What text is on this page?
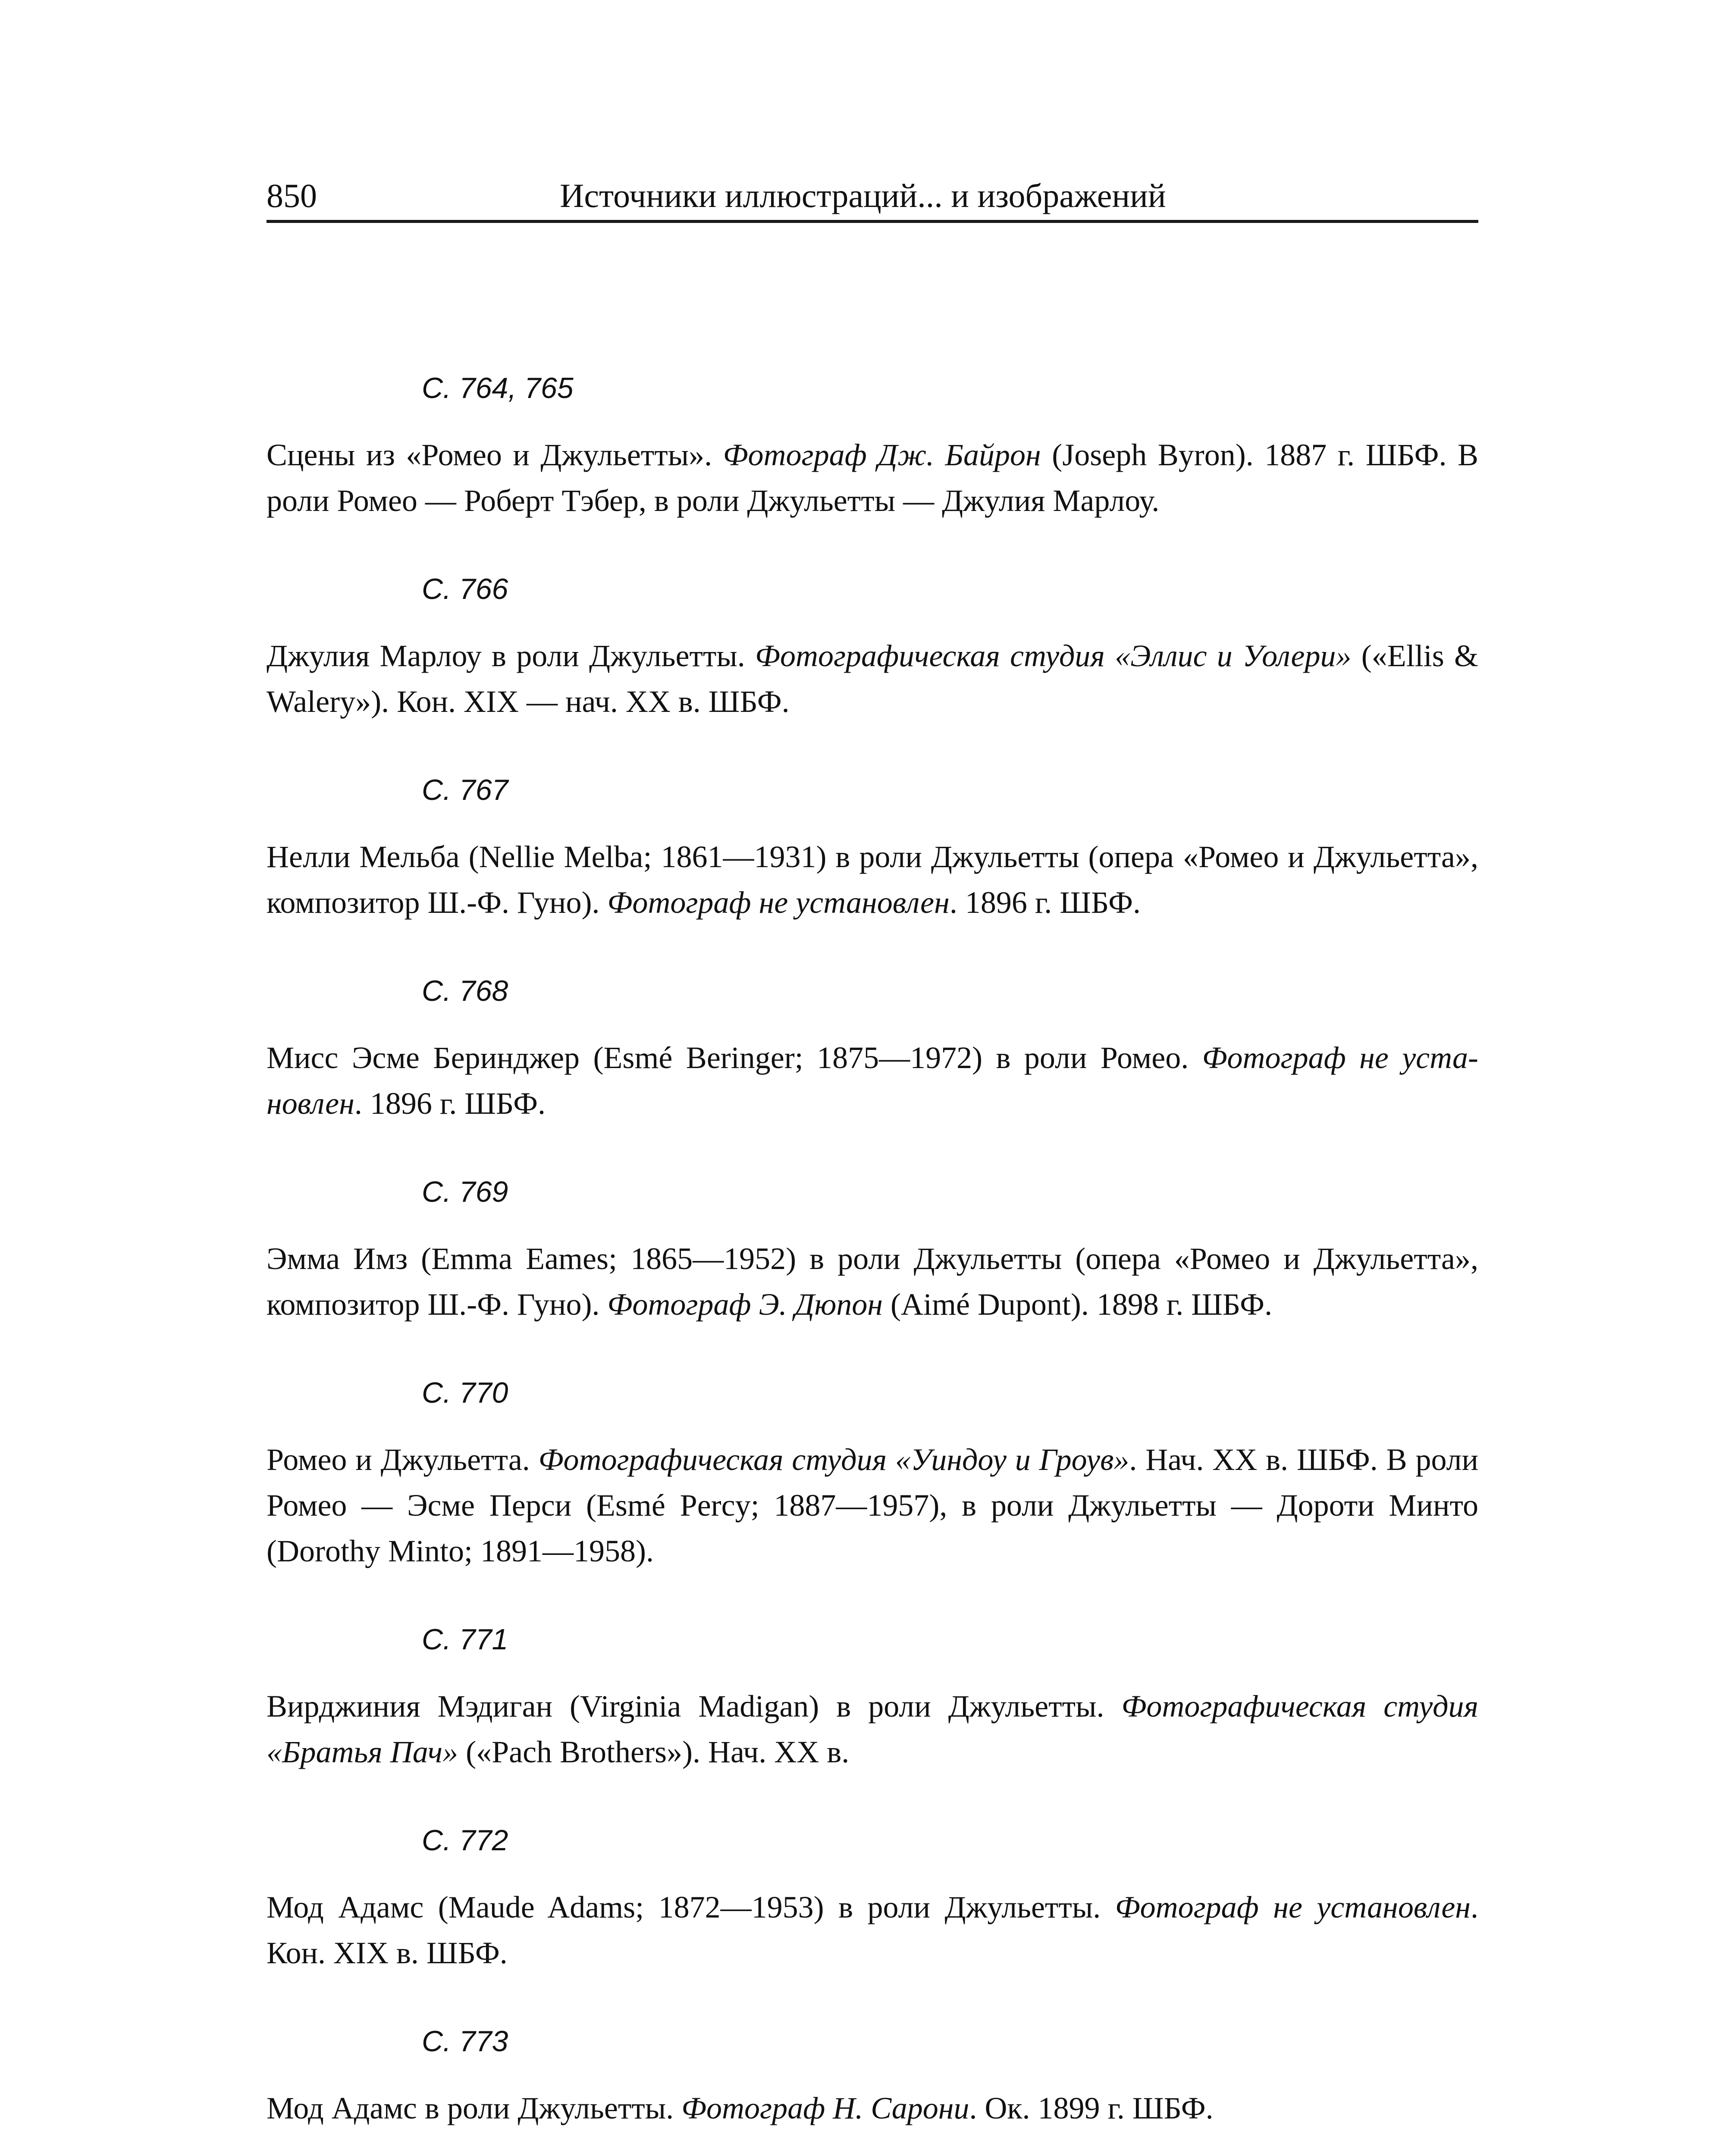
850	Источники иллюстраций... и изображений
С. 764, 765

Сцены из «Ромео и Джульетты». Фотограф Дж. Байрон (Joseph Byron). 1887 г. ШБФ. В роли Ромео — Роберт Тэбер, в роли Джульетты — Джулия Марлоу.

С. 766

Джулия Марлоу в роли Джульетты. Фотографическая студия «Эллис и Уолери» («Ellis & Walery»). Кон. XIX — нач. XX в. ШБФ.

С. 767

Нелли Мельба (Nellie Melba; 1861—1931) в роли Джульетты (опера «Ромео и Джульетта», композитор Ш.-Ф. Гуно). Фотограф не установлен. 1896 г. ШБФ.

С. 768

Мисс Эсме Беринджер (Esmé Beringer; 1875—1972) в роли Ромео. Фотограф не установлен. 1896 г. ШБФ.

С. 769

Эмма Имз (Emma Eames; 1865—1952) в роли Джульетты (опера «Ромео и Джульетта», композитор Ш.-Ф. Гуно). Фотограф Э. Дюпон (Aimé Dupont). 1898 г. ШБФ.

С. 770

Ромео и Джульетта. Фотографическая студия «Уиндоу и Гроув». Нач. XX в. ШБФ. В роли Ромео — Эсме Перси (Esmé Percy; 1887—1957), в роли Джульетты — Дороти Минто (Dorothy Minto; 1891—1958).

С. 771

Вирджиния Мэдиган (Virginia Madigan) в роли Джульетты. Фотографическая студия «Братья Пач» («Pach Brothers»). Нач. XX в.

С. 772

Мод Адамс (Maude Adams; 1872—1953) в роли Джульетты. Фотограф не установлен. Кон. XIX в. ШБФ.

С. 773

Мод Адамс в роли Джульетты. Фотограф Н. Сарони. Ок. 1899 г. ШБФ.
